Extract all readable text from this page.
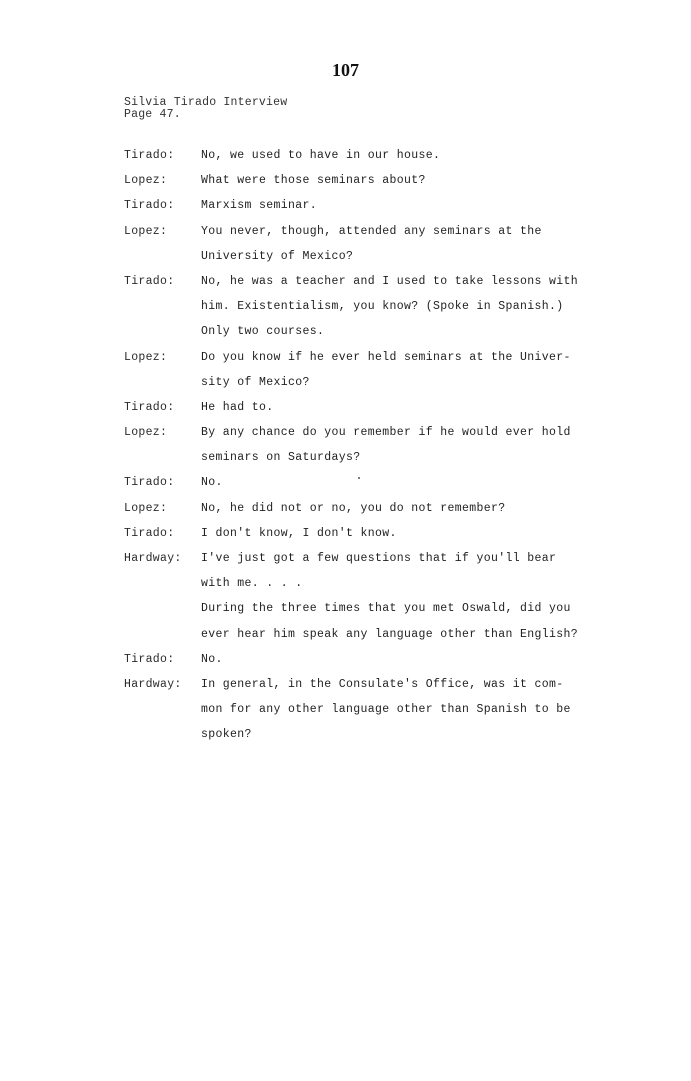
107
Silvia Tirado Interview
Page 47.
Tirado:	No, we used to have in our house.
Lopez:	What were those seminars about?
Tirado:	Marxism seminar.
Lopez:	You never, though, attended any seminars at the
University of Mexico?
Tirado:	No, he was a teacher and I used to take lessons with
him. Existentialism, you know? (Spoke in Spanish.)
Only two courses.
Lopez:	Do you know if he ever held seminars at the Univer-
sity of Mexico?
Tirado:	He had to.
Lopez:	By any chance do you remember if he would ever hold
seminars on Saturdays?
Tirado:	No.
Lopez:	No, he did not or no, you do not remember?
Tirado:	I don't know, I don't know.
Hardway:	I've just got a few questions that if you'll bear
with me. . . .
During the three times that you met Oswald, did you
ever hear him speak any language other than English?
Tirado:	No.
Hardway:	In general, in the Consulate's Office, was it com-
mon for any other language other than Spanish to be
spoken?
